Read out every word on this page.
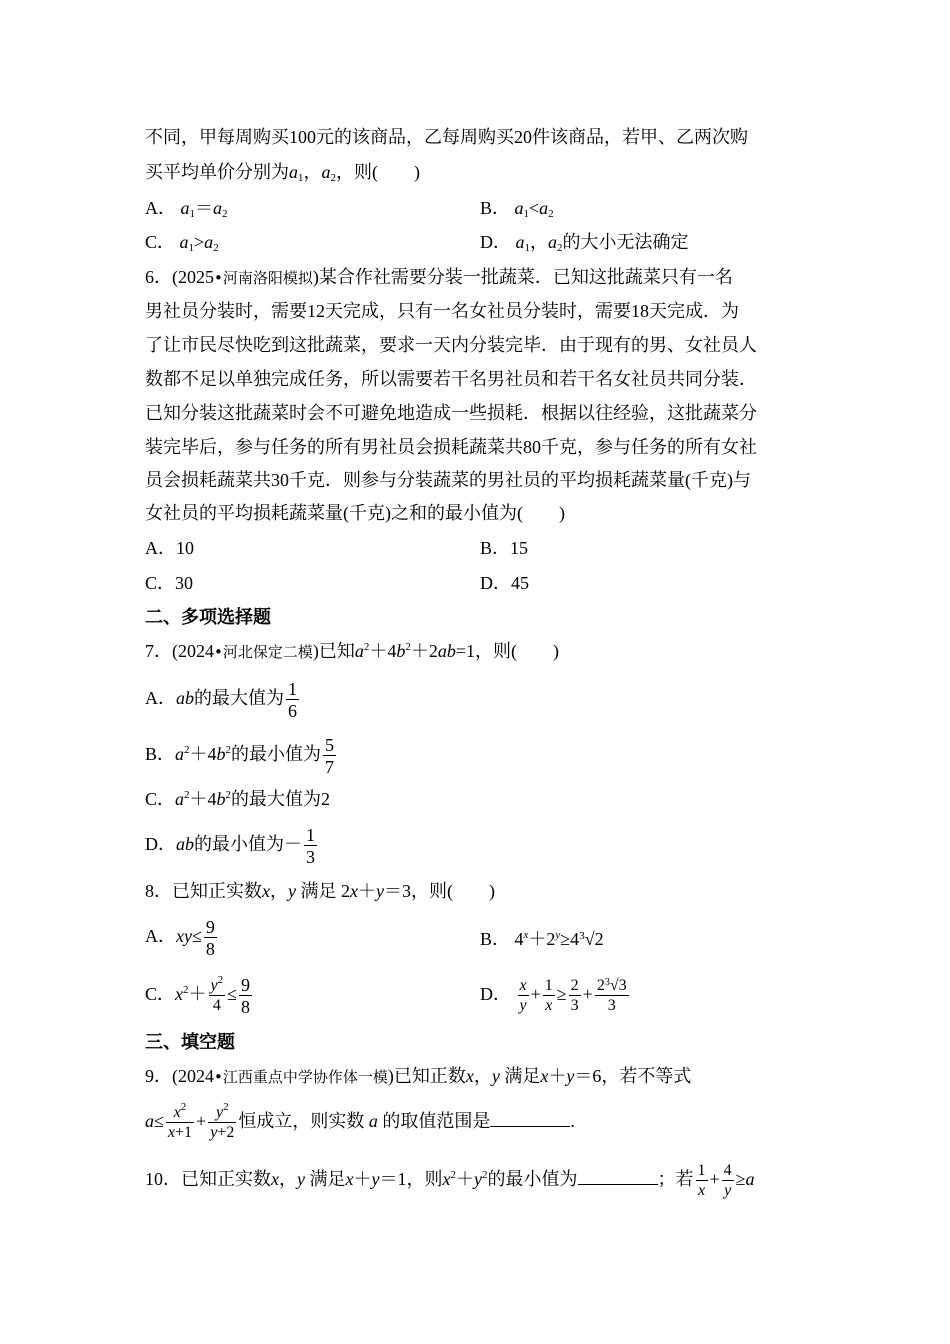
不同，甲每周购买100元的该商品，乙每周购买20件该商品，若甲、乙两次购
买平均单价分别为$a_1$，$a_2$，则( )
A． $a_1=a_2$	B． $a_1<a_2$
C． $a_1>a_2$	D． $a_1$，$a_2$的大小无法确定
6．(2025•河南洛阳模拟)某合作社需要分装一批蔬菜．已知这批蔬菜只有一名
男社员分装时，需要12天完成，只有一名女社员分装时，需要18天完成．为
了让市民尽快吃到这批蔬菜，要求一天内分装完毕．由于现有的男、女社员人
数都不足以单独完成任务，所以需要若干名男社员和若干名女社员共同分装．
已知分装这批蔬菜时会不可避免地造成一些损耗．根据以往经验，这批蔬菜分
装完毕后，参与任务的所有男社员会损耗蔬菜共80千克，参与任务的所有女社
员会损耗蔬菜共30千克．则参与分装蔬菜的男社员的平均损耗蔬菜量(千克)与
女社员的平均损耗蔬菜量(千克)之和的最小值为( )
A．10	B．15
C．30	D．45
二、多项选择题
7．(2024•河北保定二模)已知$a^2+4b^2+2ab=1$，则( )
A．ab的最大值为 $\frac{1}{6}$
B．$a^2+4b^2$的最小值为 $\frac{5}{7}$
C．$a^2+4b^2$的最大值为2
D．ab的最小值为－ $\frac{1}{3}$
8．已知正实数x，y 满足 2x＋y＝3，则( )
A．$xy\le \frac{9}{8}$	B． $4^x+2^y\ge 4^3√2$
C．$x^2+ \frac{y^2}{4} \le \frac{9}{8}$	D． $\frac{x}{y} + \frac{1}{x} \ge \frac{2}{3} + \frac{2^3√3}{3}$
三、填空题
9．(2024•江西重点中学协作体一模)已知正数x，y 满足x＋y＝6，若不等式
$a\le \frac{x^2}{x+1} + \frac{y^2}{y+2}$ 恒成立，则实数 a 的取值范围是	.
10．已知正实数x，y 满足x＋y＝1，则$x^2+y^2$的最小值为	；若 $\frac{1}{x} + \frac{4}{y} \ge a$
